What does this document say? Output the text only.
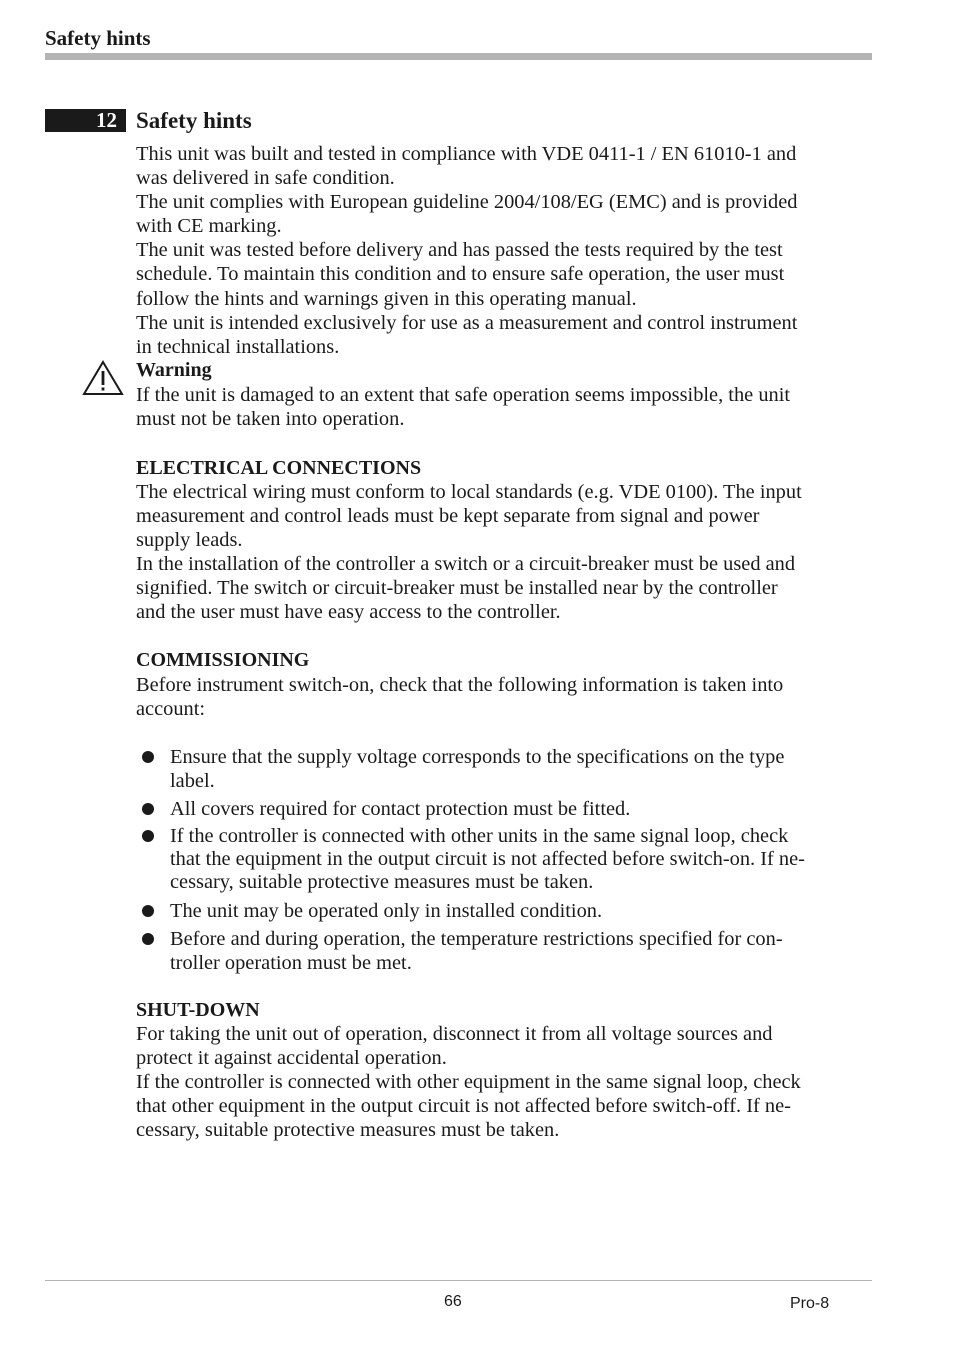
Safety hints
12 Safety hints
This unit was built and tested in compliance with VDE 0411-1 / EN 61010-1 and
was delivered in safe condition.
The unit complies with European guideline 2004/108/EG (EMC) and is provided
with CE marking.
The unit was tested before delivery and has passed the tests required by the test
schedule. To maintain this condition and to ensure safe operation, the user must
follow the hints and warnings given in this operating manual.
The unit is intended exclusively for use as a measurement and control instrument
in technical installations.
Warning
If the unit is damaged to an extent that safe operation seems impossible, the unit
must not be taken into operation.
ELECTRICAL CONNECTIONS
The electrical wiring must conform to local standards (e.g. VDE 0100). The input
measurement and control leads must be kept separate from signal and power
supply leads.
In the installation of the controller a switch or a circuit-breaker must be used and
signified. The switch or circuit-breaker must be installed near by the controller
and the user must have easy access to the controller.
COMMISSIONING
Before instrument switch-on, check that the following information is taken into
account:
Ensure that the supply voltage corresponds to the specifications on the type
label.
All covers required for contact protection must be fitted.
If the controller is connected with other units in the same signal loop, check
that the equipment in the output circuit is not affected before switch-on. If ne-
cessary, suitable protective measures must be taken.
The unit may be operated only in installed condition.
Before and during operation, the temperature restrictions specified for con-
troller operation must be met.
SHUT-DOWN
For taking the unit out of operation, disconnect it from all voltage sources and
protect it against accidental operation.
If the controller is connected with other equipment in the same signal loop, check
that other equipment in the output circuit is not affected before switch-off. If ne-
cessary, suitable protective measures must be taken.
66	Pro-8
